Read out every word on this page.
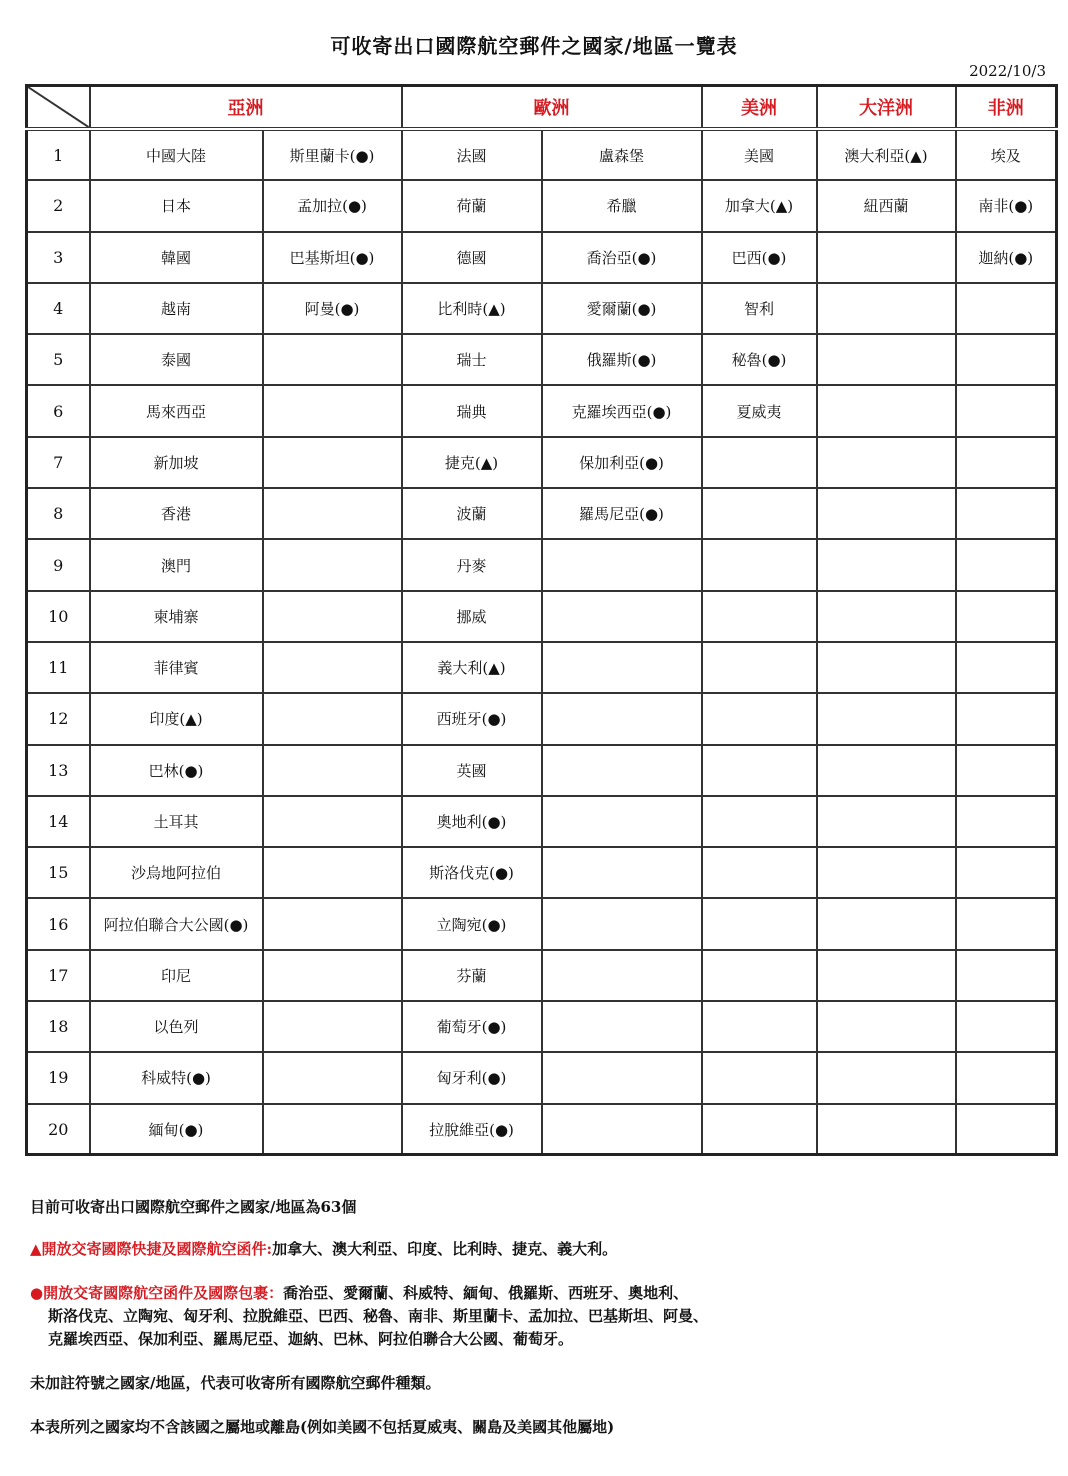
可收寄出口國際航空郵件之國家/地區一覽表
2022/10/3
	亞洲		歐洲		美洲	大洋洲	非洲
1	中國大陸	斯里蘭卡(●)	法國	盧森堡	美國	澳大利亞(▲)	埃及
2	日本	孟加拉(●)	荷蘭	希臘	加拿大(▲)	紐西蘭	南非(●)
3	韓國	巴基斯坦(●)	德國	喬治亞(●)	巴西(●)		迦納(●)
4	越南	阿曼(●)	比利時(▲)	愛爾蘭(●)	智利		
5	泰國		瑞士	俄羅斯(●)	秘魯(●)		
6	馬來西亞		瑞典	克羅埃西亞(●)	夏威夷		
7	新加坡		捷克(▲)	保加利亞(●)			
8	香港		波蘭	羅馬尼亞(●)			
9	澳門		丹麥				
10	柬埔寨		挪威				
11	菲律賓		義大利(▲)				
12	印度(▲)		西班牙(●)				
13	巴林(●)		英國				
14	土耳其		奧地利(●)				
15	沙烏地阿拉伯		斯洛伐克(●)				
16	阿拉伯聯合大公國(●)		立陶宛(●)				
17	印尼		芬蘭				
18	以色列		葡萄牙(●)				
19	科威特(●)		匈牙利(●)				
20	緬甸(●)		拉脫維亞(●)				

目前可收寄出口國際航空郵件之國家/地區為63個

▲開放交寄國際快捷及國際航空函件:加拿大、澳大利亞、印度、比利時、捷克、義大利。

●開放交寄國際航空函件及國際包裹：喬治亞、愛爾蘭、科威特、緬甸、俄羅斯、西班牙、奧地利、
斯洛伐克、立陶宛、匈牙利、拉脫維亞、巴西、秘魯、南非、斯里蘭卡、孟加拉、巴基斯坦、阿曼、
克羅埃西亞、保加利亞、羅馬尼亞、迦納、巴林、阿拉伯聯合大公國、葡萄牙。

未加註符號之國家/地區，代表可收寄所有國際航空郵件種類。

本表所列之國家均不含該國之屬地或離島(例如美國不包括夏威夷、關島及美國其他屬地)
